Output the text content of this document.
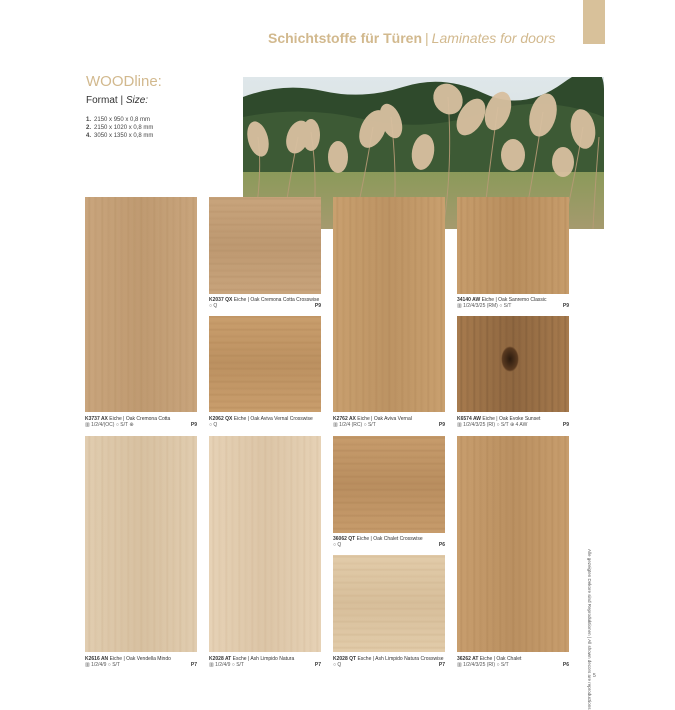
Schichtstoffe für Türen | Laminates for doors
WOODline:
Format | Size:
1. 2150 x 950 x 0,8 mm
2. 2150 x 1020 x 0,8 mm
4. 3050 x 1350 x 0,8 mm
K3737 AX Eiche | Oak Cremona Cotta
▥ 1/2/4/(OC) ○ S/T ⊕	P9
K2616 AN Eiche | Oak Vendella Mindo
▥ 1/2/4/9 ○ S/T	P7
K2037 QX Eiche | Oak Cremona Cotta Crosswise
○ Q	P9
K2062 QX Eiche | Oak Aviva Vernal Crosswise
○ Q
K2028 AT Esche | Ash Limpido Natura
▥ 1/2/4/9 ○ S/T	P7
K2762 AX Eiche | Oak Aviva Vernal
▥ 1/2/4 (RC) ○ S/T	P9
36062 QT Eiche | Oak Chalet Crosswise
○ Q	P6
K2028 QT Esche | Ash Limpido Natura Crosswise
○ Q	P7
34140 AW Eiche | Oak Sanremo Classic
▥ 1/2/4/3/25 (RM) ○ S/T	P9
K6574 AW Eiche | Oak Evoke Sunset
▥ 1/2/4/3/25 (RI) ○ S/T ⊕ 4 AW	P9
36262 AT Eiche | Oak Chalet
▥ 1/2/4/3/25 (RI) ○ S/T	P6
Alle gezeigten Dekore sind Reproduktionen | All shown decors are reproductions 5
